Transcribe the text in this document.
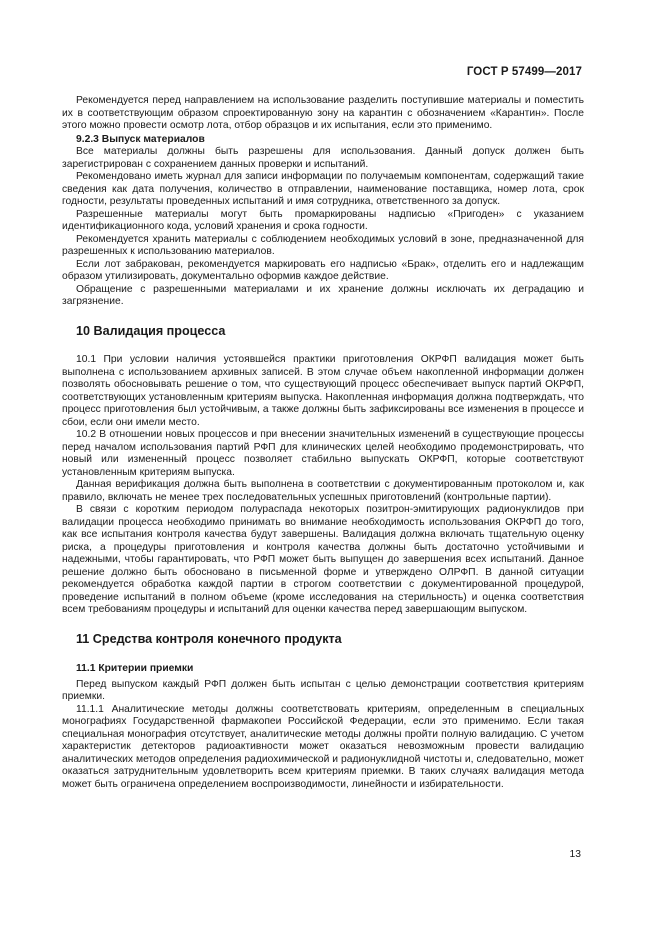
ГОСТ Р 57499—2017

Рекомендуется перед направлением на использование разделить поступившие материалы и поместить их в соответствующим образом спроектированную зону на карантин с обозначением «Карантин». После этого можно провести осмотр лота, отбор образцов и их испытания, если это применимо.

9.2.3 Выпуск материалов

Все материалы должны быть разрешены для использования. Данный допуск должен быть зарегистрирован с сохранением данных проверки и испытаний.

Рекомендовано иметь журнал для записи информации по получаемым компонентам, содержащий такие сведения как дата получения, количество в отправлении, наименование поставщика, номер лота, срок годности, результаты проведенных испытаний и имя сотрудника, ответственного за допуск.

Разрешенные материалы могут быть промаркированы надписью «Пригоден» с указанием идентификационного кода, условий хранения и срока годности.

Рекомендуется хранить материалы с соблюдением необходимых условий в зоне, предназначенной для разрешенных к использованию материалов.

Если лот забракован, рекомендуется маркировать его надписью «Брак», отделить его и надлежащим образом утилизировать, документально оформив каждое действие.

Обращение с разрешенными материалами и их хранение должны исключать их деградацию и загрязнение.

10 Валидация процесса

10.1 При условии наличия устоявшейся практики приготовления ОКРФП валидация может быть выполнена с использованием архивных записей. В этом случае объем накопленной информации должен позволять обосновывать решение о том, что существующий процесс обеспечивает выпуск партий ОКРФП, соответствующих установленным критериям выпуска. Накопленная информация должна подтверждать, что процесс приготовления был устойчивым, а также должны быть зафиксированы все изменения в процессе и сбои, если они имели место.

10.2 В отношении новых процессов и при внесении значительных изменений в существующие процессы перед началом использования партий РФП для клинических целей необходимо продемонстрировать, что новый или измененный процесс позволяет стабильно выпускать ОКРФП, которые соответствуют установленным критериям выпуска.

Данная верификация должна быть выполнена в соответствии с документированным протоколом и, как правило, включать не менее трех последовательных успешных приготовлений (контрольные партии).

В связи с коротким периодом полураспада некоторых позитрон-эмитирующих радионуклидов при валидации процесса необходимо принимать во внимание необходимость использования ОКРФП до того, как все испытания контроля качества будут завершены. Валидация должна включать тщательную оценку риска, а процедуры приготовления и контроля качества должны быть достаточно устойчивыми и надежными, чтобы гарантировать, что РФП может быть выпущен до завершения всех испытаний. Данное решение должно быть обосновано в письменной форме и утверждено ОЛРФП. В данной ситуации рекомендуется обработка каждой партии в строгом соответствии с документированной процедурой, проведение испытаний в полном объеме (кроме исследования на стерильность) и оценка соответствия всем требованиям процедуры и испытаний для оценки качества перед завершающим выпуском.

11 Средства контроля конечного продукта

11.1 Критерии приемки

Перед выпуском каждый РФП должен быть испытан с целью демонстрации соответствия критериям приемки.

11.1.1 Аналитические методы должны соответствовать критериям, определенным в специальных монографиях Государственной фармакопеи Российской Федерации, если это применимо. Если такая специальная монография отсутствует, аналитические методы должны пройти полную валидацию. С учетом характеристик детекторов радиоактивности может оказаться невозможным провести валидацию аналитических методов определения радиохимической и радионуклидной чистоты и, следовательно, может оказаться затруднительным удовлетворить всем критериям приемки. В таких случаях валидация метода может быть ограничена определением воспроизводимости, линейности и избирательности.

13
